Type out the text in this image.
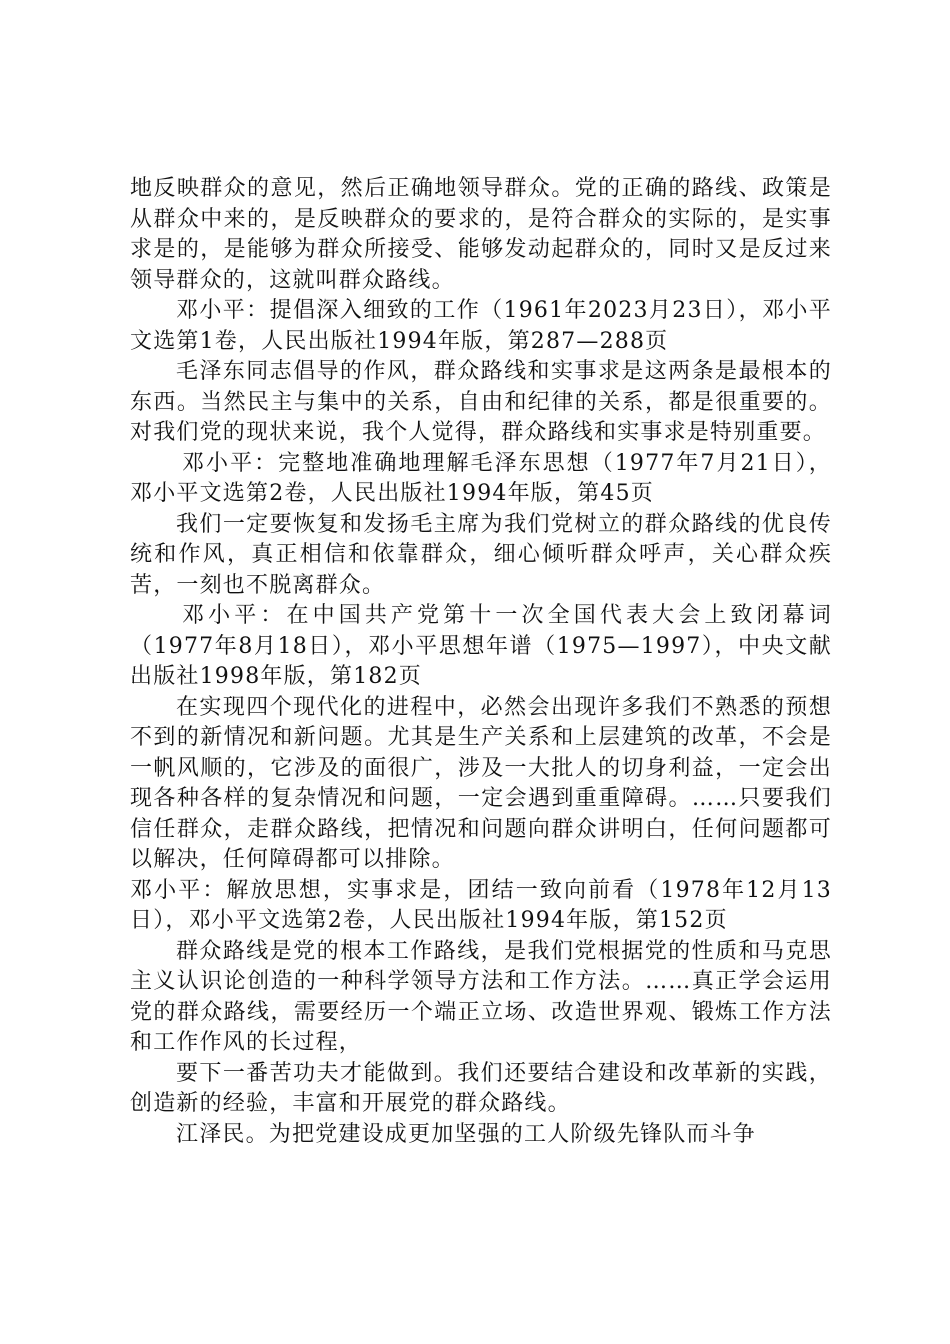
地反映群众的意见，然后正确地领导群众。党的正确的路线、政策是从群众中来的，是反映群众的要求的，是符合群众的实际的，是实事求是的，是能够为群众所接受、能够发动起群众的，同时又是反过来领导群众的，这就叫群众路线。

邓小平：提倡深入细致的工作（1961年2023月23日），邓小平文选第1卷，人民出版社1994年版，第287—288页

毛泽东同志倡导的作风，群众路线和实事求是这两条是最根本的东西。当然民主与集中的关系，自由和纪律的关系，都是很重要的。对我们党的现状来说，我个人觉得，群众路线和实事求是特别重要。

邓小平：完整地准确地理解毛泽东思想（1977年7月21日），邓小平文选第2卷，人民出版社1994年版，第45页

我们一定要恢复和发扬毛主席为我们党树立的群众路线的优良传统和作风，真正相信和依靠群众，细心倾听群众呼声，关心群众疾苦，一刻也不脱离群众。

邓小平：在中国共产党第十一次全国代表大会上致闭幕词（1977年8月18日），邓小平思想年谱（1975—1997），中央文献出版社1998年版，第182页

在实现四个现代化的进程中，必然会出现许多我们不熟悉的预想不到的新情况和新问题。尤其是生产关系和上层建筑的改革，不会是一帆风顺的，它涉及的面很广，涉及一大批人的切身利益，一定会出现各种各样的复杂情况和问题，一定会遇到重重障碍。……只要我们信任群众，走群众路线，把情况和问题向群众讲明白，任何问题都可以解决，任何障碍都可以排除。

邓小平：解放思想，实事求是，团结一致向前看（1978年12月13日），邓小平文选第2卷，人民出版社1994年版，第152页

群众路线是党的根本工作路线，是我们党根据党的性质和马克思主义认识论创造的一种科学领导方法和工作方法。……真正学会运用党的群众路线，需要经历一个端正立场、改造世界观、锻炼工作方法和工作作风的长过程，

要下一番苦功夫才能做到。我们还要结合建设和改革新的实践，创造新的经验，丰富和开展党的群众路线。

江泽民。为把党建设成更加坚强的工人阶级先锋队而斗争
